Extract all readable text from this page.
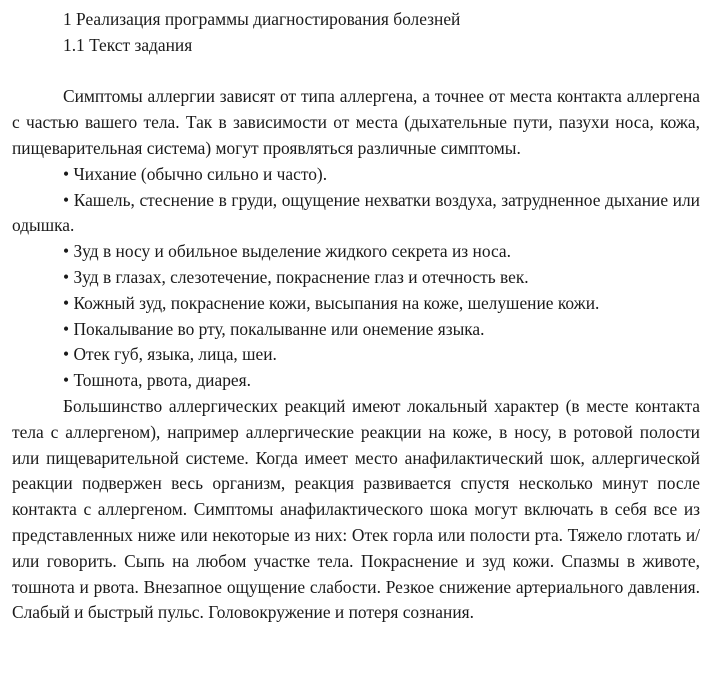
1 Реализация программы диагностирования болезней
1.1 Текст задания

Симптомы аллергии зависят от типа аллергена, а точнее от места контакта аллергена с частью вашего тела. Так в зависимости от места (дыхательные пути, пазухи носа, кожа, пищеварительная система) могут проявляться различные симптомы.

• Чихание (обычно сильно и часто).

• Кашель, стеснение в груди, ощущение нехватки воздуха, затрудненное дыхание или одышка.

• Зуд в носу и обильное выделение жидкого секрета из носа.

• Зуд в глазах, слезотечение, покраснение глаз и отечность век.

• Кожный зуд, покраснение кожи, высыпания на коже, шелушение кожи.

• Покалывание во рту, покалыванне или онемение языка.

• Отек губ, языка, лица, шеи.

• Тошнота, рвота, диарея.

Большинство аллергических реакций имеют локальный характер (в месте контакта тела с аллергеном), например аллергические реакции на коже, в носу, в ротовой полости или пищеварительной системе. Когда имеет место анафилактический шок, аллергической реакции подвержен весь организм, реакция развивается спустя несколько минут после контакта с аллергеном. Симптомы анафилактического шока могут включать в себя все из представленных ниже или некоторые из них: Отек горла или полости рта. Тяжело глотать и/или говорить. Сыпь на любом участке тела. Покраснение и зуд кожи. Спазмы в животе, тошнота и рвота. Внезапное ощущение слабости. Резкое снижение артериального давления. Слабый и быстрый пульс. Головокружение и потеря сознания.
